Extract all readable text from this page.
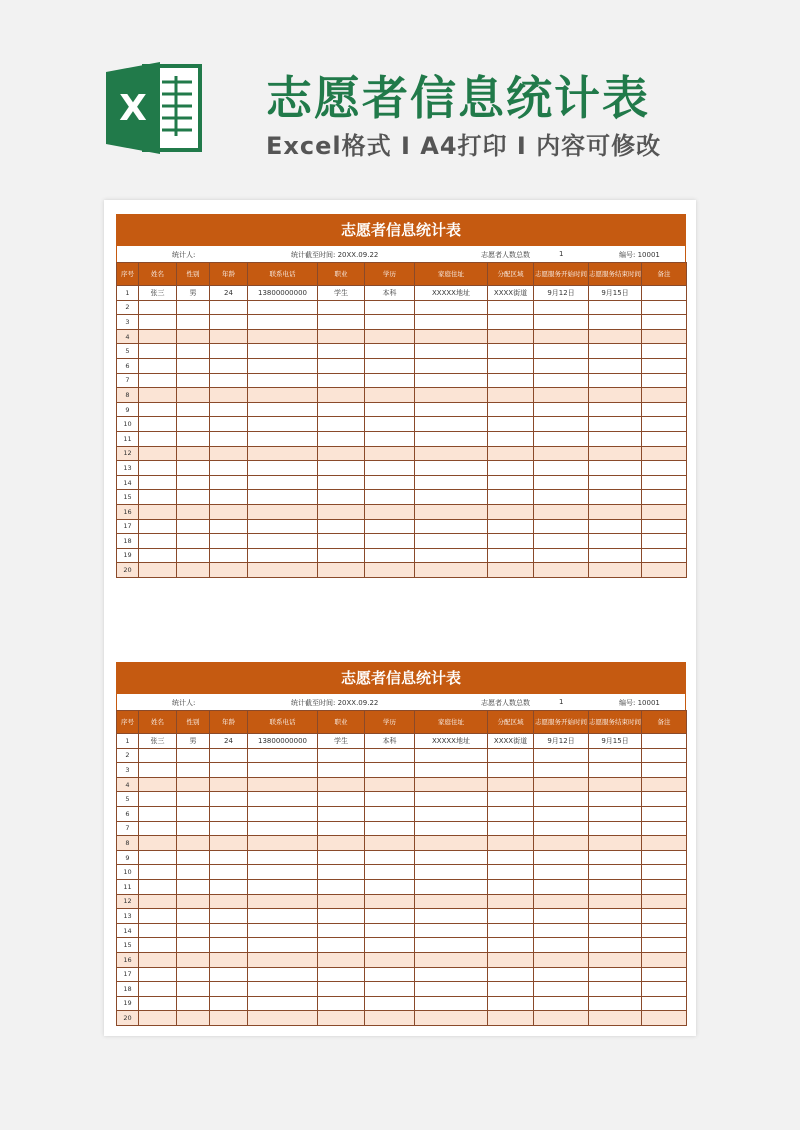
X	志愿者信息统计表
Excel格式 I A4打印 I 内容可修改
志愿者信息统计表
统计人:	统计截至时间: 20XX.09.22	志愿者人数总数	1	编号: 10001
序号	姓名	性别	年龄	联系电话	职业	学历	家庭住址	分配区域	志愿服务开始时间	志愿服务结束时间	备注
1	张三	男	24	13800000000	学生	本科	XXXXX地址	XXXX街道	9月12日	9月15日	
2											
3											
4											
5											
6											
7											
8											
9											
10											
11											
12											
13											
14											
15											
16											
17											
18											
19											
20											
志愿者信息统计表
统计人:	统计截至时间: 20XX.09.22	志愿者人数总数	1	编号: 10001
序号	姓名	性别	年龄	联系电话	职业	学历	家庭住址	分配区域	志愿服务开始时间	志愿服务结束时间	备注
1	张三	男	24	13800000000	学生	本科	XXXXX地址	XXXX街道	9月12日	9月15日	
2											
3											
4											
5											
6											
7											
8											
9											
10											
11											
12											
13											
14											
15											
16											
17											
18											
19											
20											
